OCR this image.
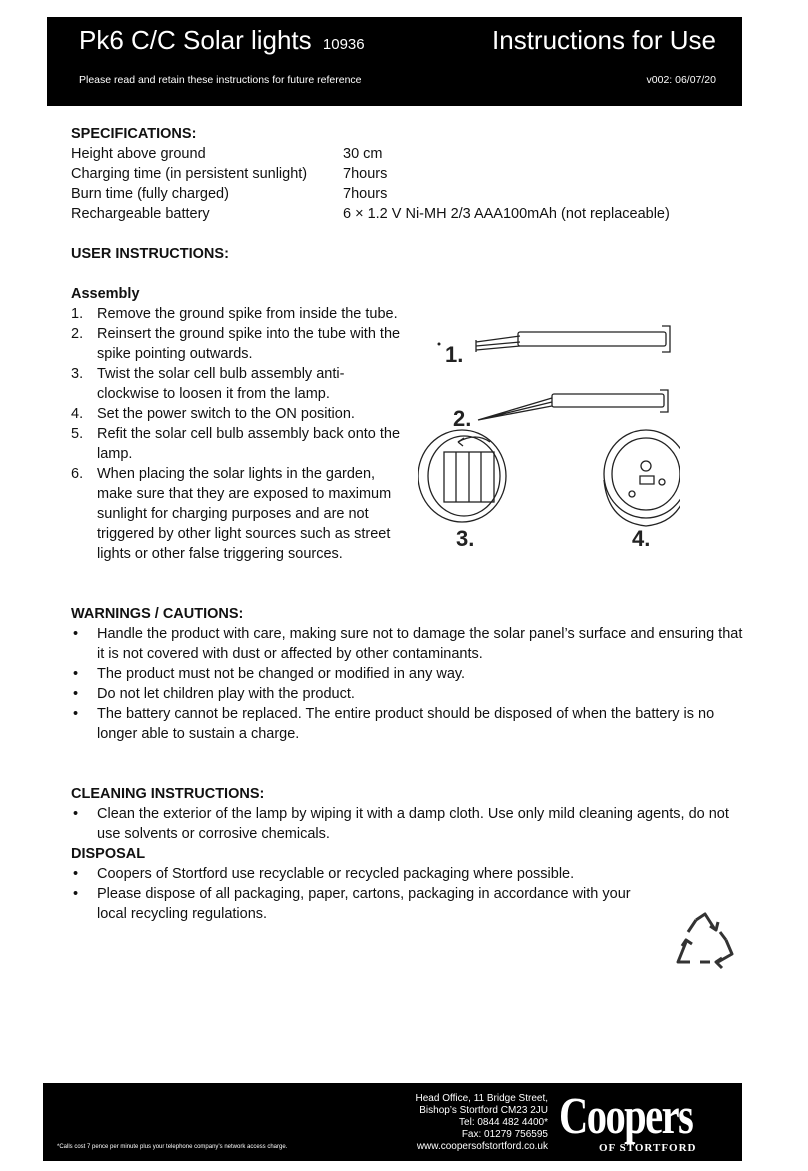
Pk6 C/C Solar lights 10936	Instructions for Use
Please read and retain these instructions for future reference	v002: 06/07/20
SPECIFICATIONS:
Height above ground	30 cm
Charging time (in persistent sunlight)	7hours
Burn time (fully charged)	7hours
Rechargeable battery	6 × 1.2 V Ni-MH 2/3 AAA100mAh (not replaceable)
USER INSTRUCTIONS:
Assembly
1. Remove the ground spike from inside the tube.
2. Reinsert the ground spike into the tube with the spike pointing outwards.
3. Twist the solar cell bulb assembly anti-clockwise to loosen it from the lamp.
4. Set the power switch to the ON position.
5. Refit the solar cell bulb assembly back onto the lamp.
6. When placing the solar lights in the garden, make sure that they are exposed to maximum sunlight for charging purposes and are not triggered by other light sources such as street lights or other false triggering sources.
WARNINGS / CAUTIONS:
• Handle the product with care, making sure not to damage the solar panel’s surface and ensuring that it is not covered with dust or affected by other contaminants.
• The product must not be changed or modified in any way.
• Do not let children play with the product.
• The battery cannot be replaced. The entire product should be disposed of when the battery is no longer able to sustain a charge.
CLEANING INSTRUCTIONS:
• Clean the exterior of the lamp by wiping it with a damp cloth. Use only mild cleaning agents, do not use solvents or corrosive chemicals.
DISPOSAL
• Coopers of Stortford use recyclable or recycled packaging where possible.
• Please dispose of all packaging, paper, cartons, packaging in accordance with your local recycling regulations.
1.
2.
3.	4.
*Calls cost 7 pence per minute plus your telephone company’s network access charge.
Head Office, 11 Bridge Street,
Bishop’s Stortford CM23 2JU
Tel: 0844 482 4400*
Fax: 01279 756595
www.coopersofstortford.co.uk
Coopers
OF STORTFORD
